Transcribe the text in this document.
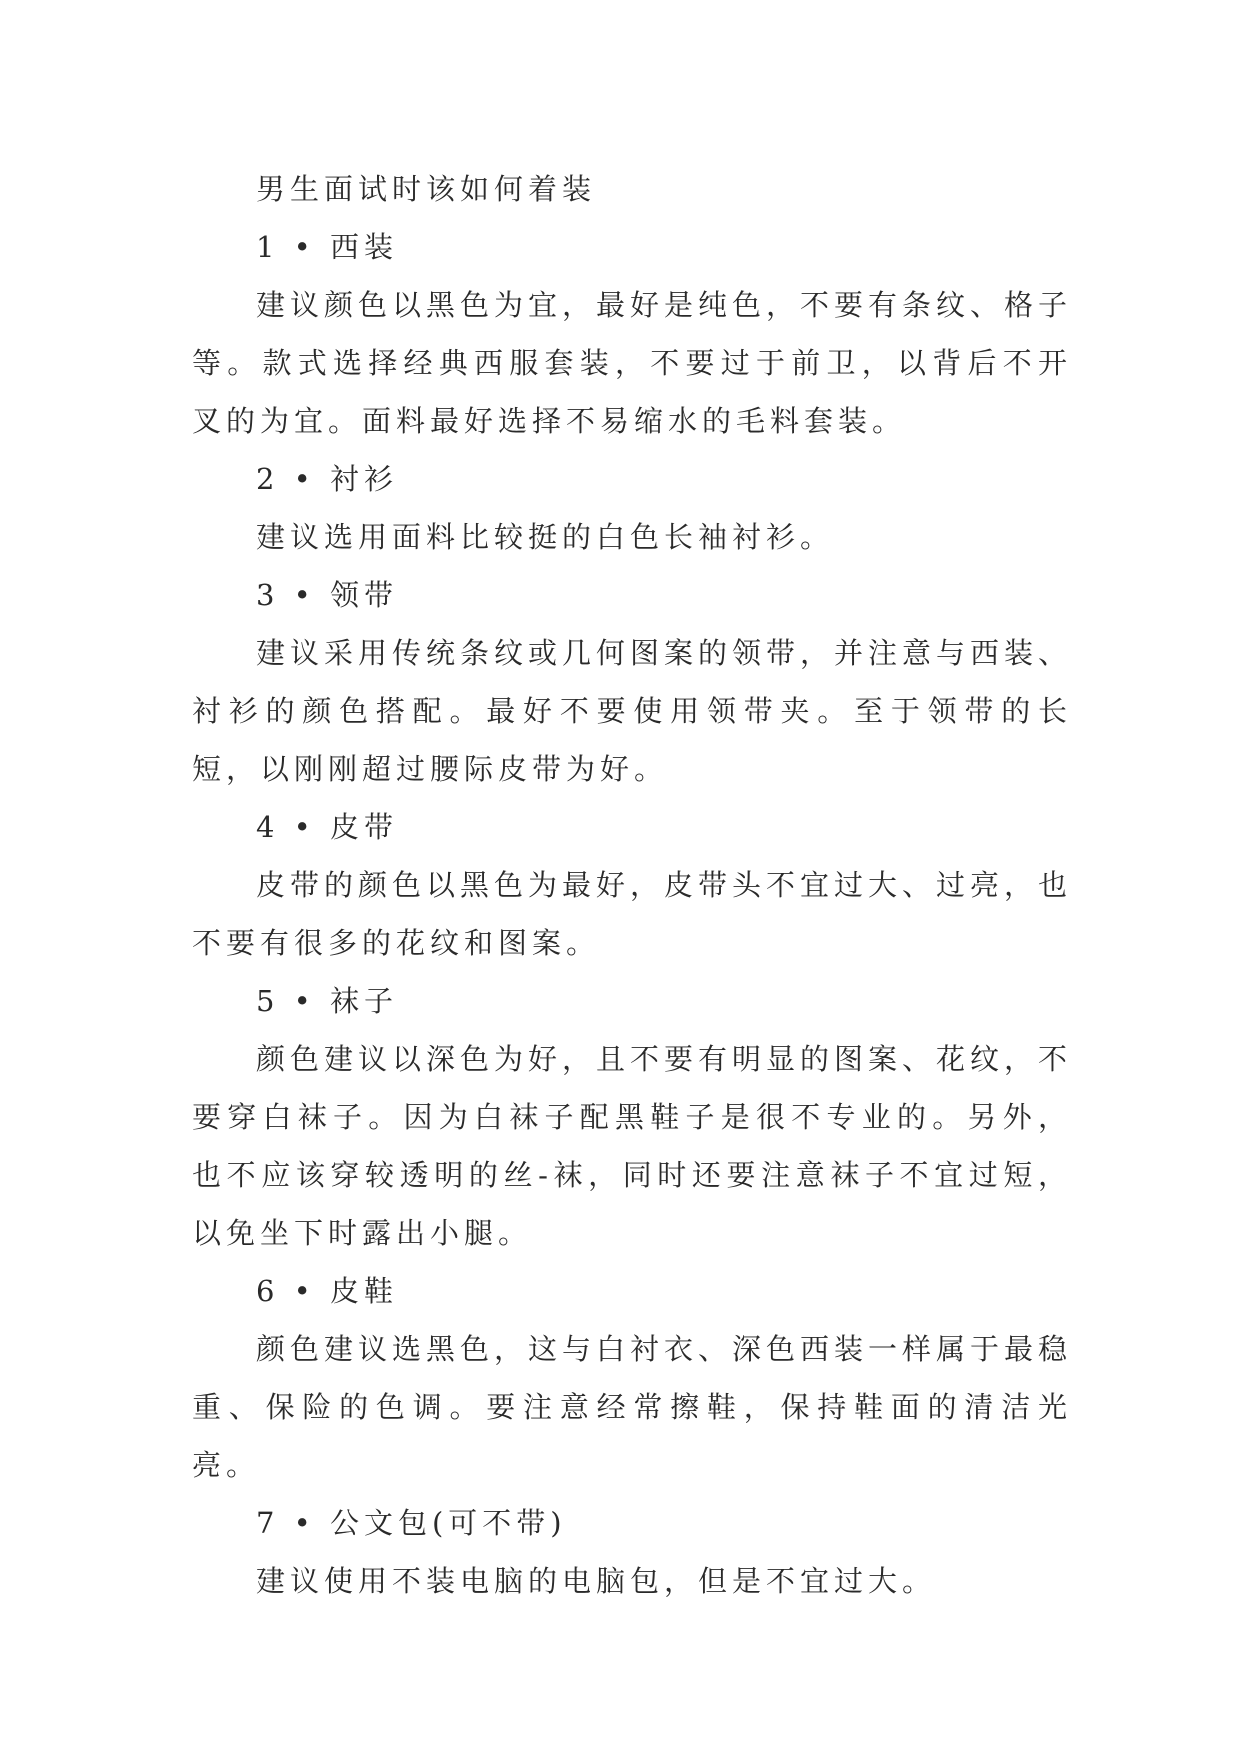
男生面试时该如何着装

1 • 西装

建议颜色以黑色为宜，最好是纯色，不要有条纹、格子等。款式选择经典西服套装，不要过于前卫，以背后不开叉的为宜。面料最好选择不易缩水的毛料套装。

2 • 衬衫

建议选用面料比较挺的白色长袖衬衫。

3 • 领带

建议采用传统条纹或几何图案的领带，并注意与西装、衬衫的颜色搭配。最好不要使用领带夹。至于领带的长短，以刚刚超过腰际皮带为好。

4 • 皮带

皮带的颜色以黑色为最好，皮带头不宜过大、过亮，也不要有很多的花纹和图案。

5 • 袜子

颜色建议以深色为好，且不要有明显的图案、花纹，不要穿白袜子。因为白袜子配黑鞋子是很不专业的。另外，也不应该穿较透明的丝-袜，同时还要注意袜子不宜过短，以免坐下时露出小腿。

6 • 皮鞋

颜色建议选黑色，这与白衬衣、深色西装一样属于最稳重、保险的色调。要注意经常擦鞋，保持鞋面的清洁光亮。

7 • 公文包(可不带)

建议使用不装电脑的电脑包，但是不宜过大。
